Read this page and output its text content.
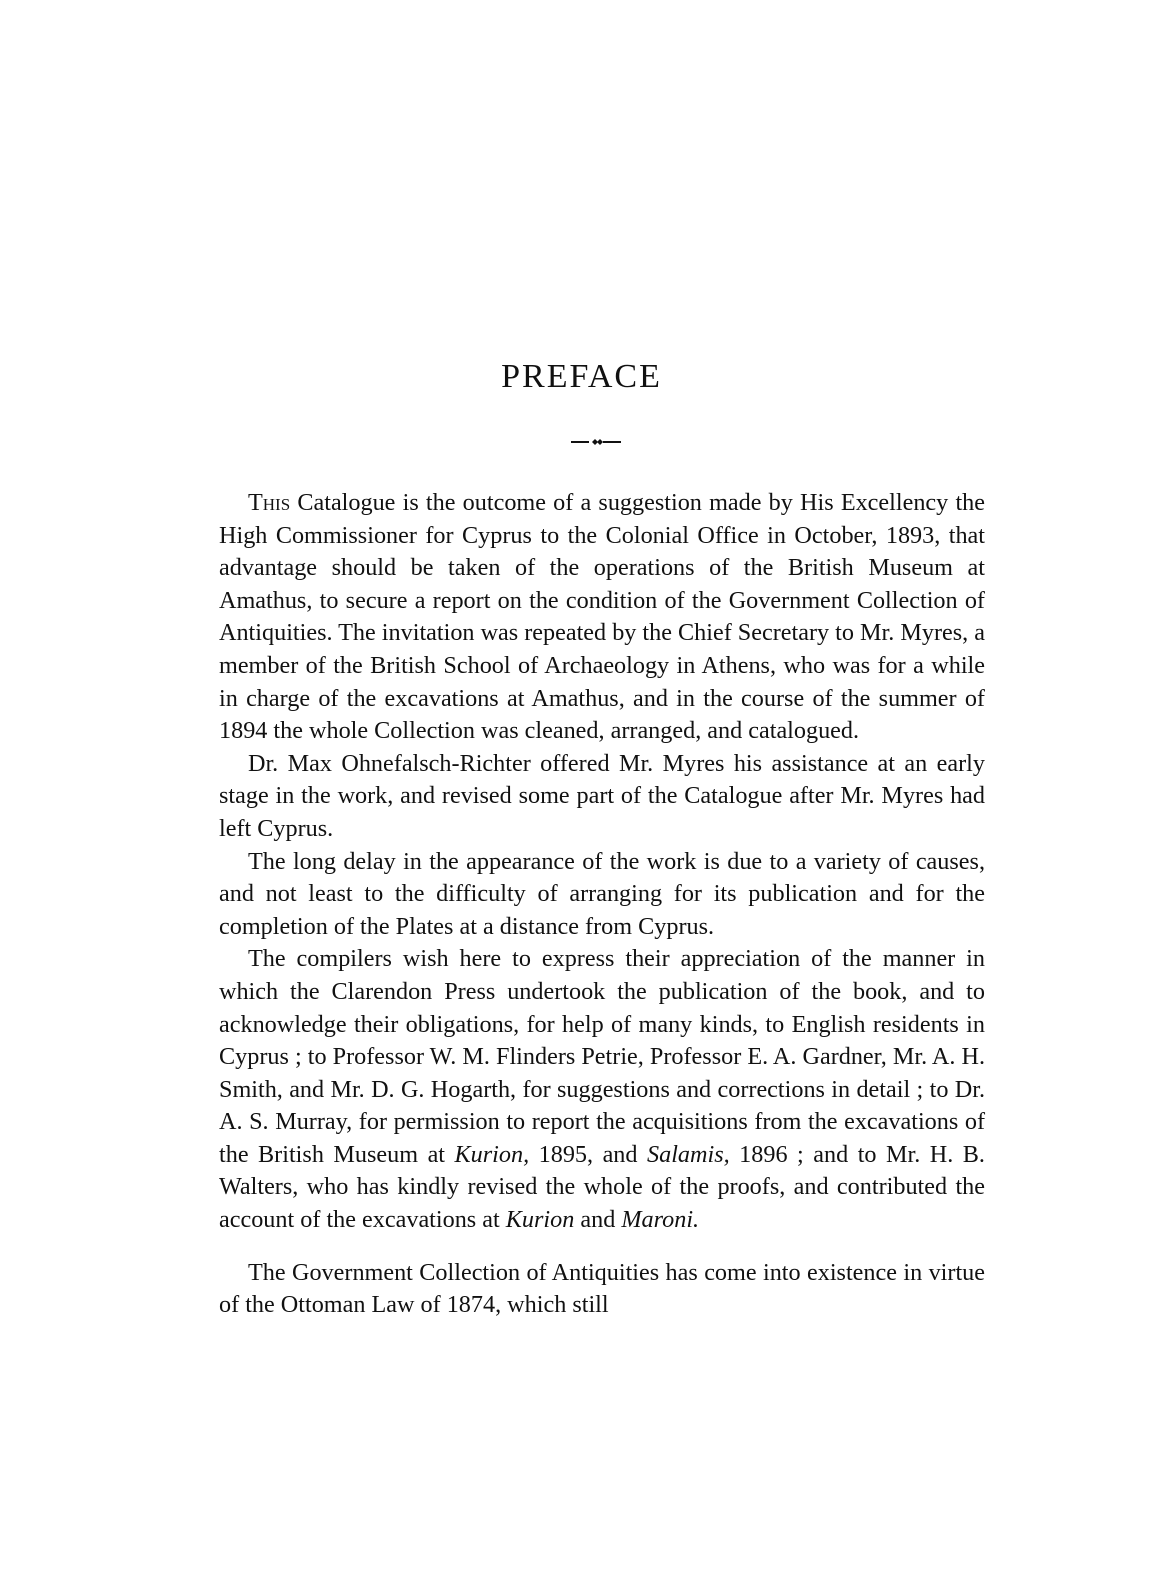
PREFACE

This Catalogue is the outcome of a suggestion made by His Excellency the High Commissioner for Cyprus to the Colonial Office in October, 1893, that advantage should be taken of the operations of the British Museum at Amathus, to secure a report on the condition of the Government Collection of Antiquities. The invitation was repeated by the Chief Secretary to Mr. Myres, a member of the British School of Archaeology in Athens, who was for a while in charge of the excavations at Amathus, and in the course of the summer of 1894 the whole Collection was cleaned, arranged, and catalogued.

Dr. Max Ohnefalsch-Richter offered Mr. Myres his assistance at an early stage in the work, and revised some part of the Catalogue after Mr. Myres had left Cyprus.

The long delay in the appearance of the work is due to a variety of causes, and not least to the difficulty of arranging for its publication and for the completion of the Plates at a distance from Cyprus.

The compilers wish here to express their appreciation of the manner in which the Clarendon Press undertook the publication of the book, and to acknowledge their obligations, for help of many kinds, to English residents in Cyprus ; to Professor W. M. Flinders Petrie, Professor E. A. Gardner, Mr. A. H. Smith, and Mr. D. G. Hogarth, for suggestions and corrections in detail ; to Dr. A. S. Murray, for permission to report the acquisitions from the excavations of the British Museum at Kurion, 1895, and Salamis, 1896 ; and to Mr. H. B. Walters, who has kindly revised the whole of the proofs, and contributed the account of the excavations at Kurion and Maroni.

The Government Collection of Antiquities has come into existence in virtue of the Ottoman Law of 1874, which still
